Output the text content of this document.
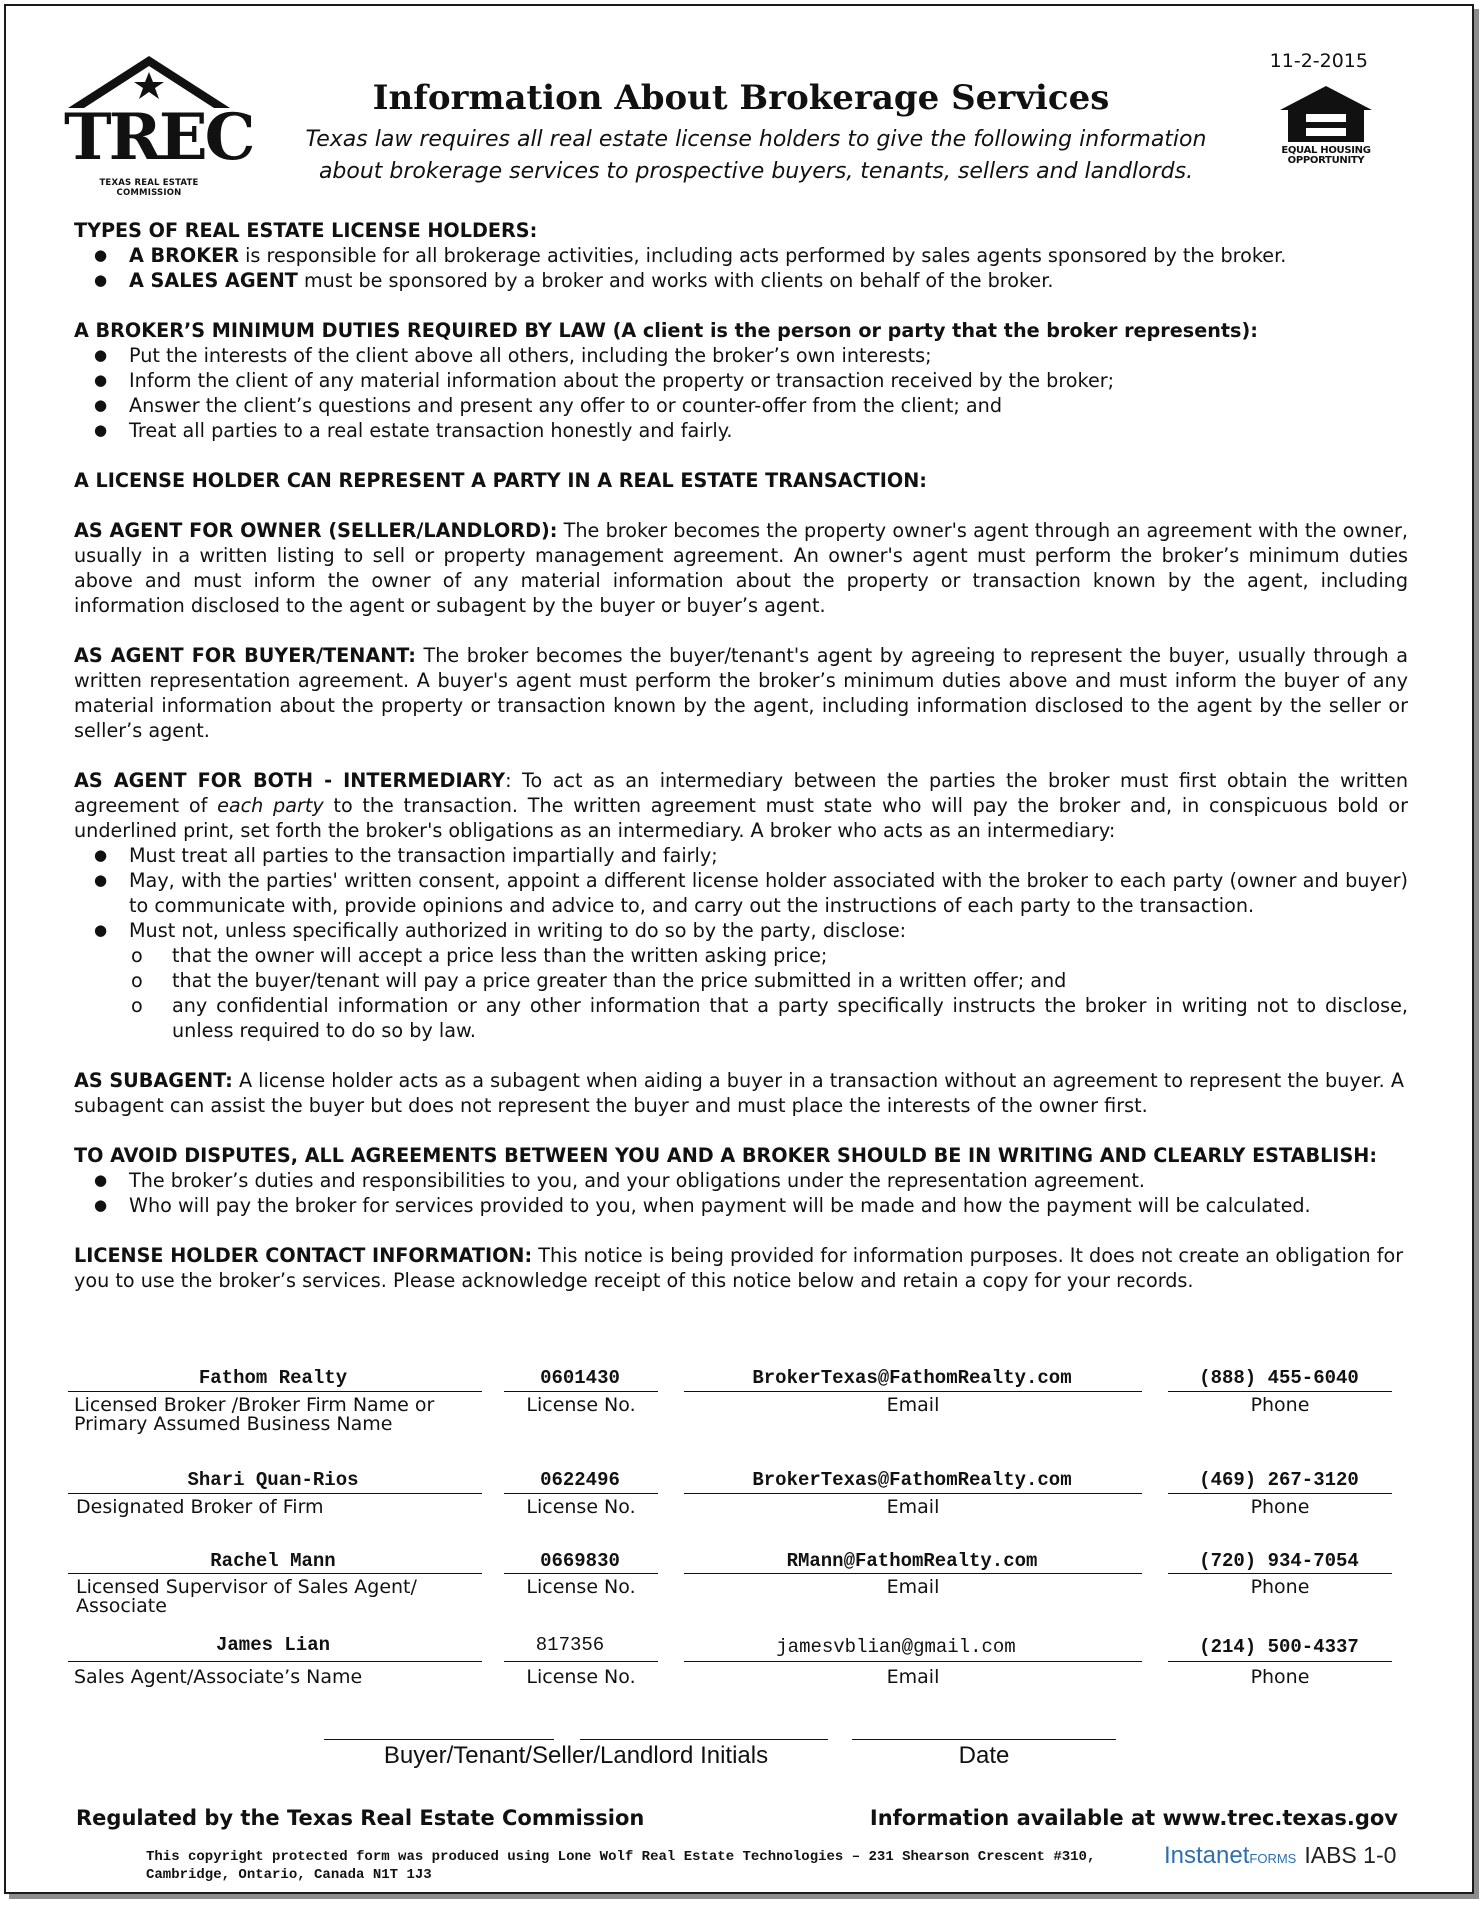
TREC
TEXAS REAL ESTATE COMMISSION
Information About Brokerage Services
Texas law requires all real estate license holders to give the following information about brokerage services to prospective buyers, tenants, sellers and landlords.
11-2-2015
EQUAL HOUSING
OPPORTUNITY

TYPES OF REAL ESTATE LICENSE HOLDERS:

● A BROKER is responsible for all brokerage activities, including acts performed by sales agents sponsored by the broker.
● A SALES AGENT must be sponsored by a broker and works with clients on behalf of the broker.

A BROKER’S MINIMUM DUTIES REQUIRED BY LAW (A client is the person or party that the broker represents):

● Put the interests of the client above all others, including the broker’s own interests;
● Inform the client of any material information about the property or transaction received by the broker;
● Answer the client’s questions and present any offer to or counter-offer from the client; and
● Treat all parties to a real estate transaction honestly and fairly.

A LICENSE HOLDER CAN REPRESENT A PARTY IN A REAL ESTATE TRANSACTION:

AS AGENT FOR OWNER (SELLER/LANDLORD): The broker becomes the property owner's agent through an agreement with the owner, usually in a written listing to sell or property management agreement. An owner's agent must perform the broker’s minimum duties above and must inform the owner of any material information about the property or transaction known by the agent, including information disclosed to the agent or subagent by the buyer or buyer’s agent.

AS AGENT FOR BUYER/TENANT: The broker becomes the buyer/tenant's agent by agreeing to represent the buyer, usually through a written representation agreement. A buyer's agent must perform the broker’s minimum duties above and must inform the buyer of any material information about the property or transaction known by the agent, including information disclosed to the agent by the seller or seller’s agent.

AS AGENT FOR BOTH - INTERMEDIARY: To act as an intermediary between the parties the broker must first obtain the written agreement of each party to the transaction. The written agreement must state who will pay the broker and, in conspicuous bold or underlined print, set forth the broker's obligations as an intermediary. A broker who acts as an intermediary:

● Must treat all parties to the transaction impartially and fairly;
● May, with the parties' written consent, appoint a different license holder associated with the broker to each party (owner and buyer) to communicate with, provide opinions and advice to, and carry out the instructions of each party to the transaction.
● Must not, unless specifically authorized in writing to do so by the party, disclose:
o that the owner will accept a price less than the written asking price;
o that the buyer/tenant will pay a price greater than the price submitted in a written offer; and
o any confidential information or any other information that a party specifically instructs the broker in writing not to disclose, unless required to do so by law.

AS SUBAGENT: A license holder acts as a subagent when aiding a buyer in a transaction without an agreement to represent the buyer. A subagent can assist the buyer but does not represent the buyer and must place the interests of the owner first.

TO AVOID DISPUTES, ALL AGREEMENTS BETWEEN YOU AND A BROKER SHOULD BE IN WRITING AND CLEARLY ESTABLISH:

● The broker’s duties and responsibilities to you, and your obligations under the representation agreement.
● Who will pay the broker for services provided to you, when payment will be made and how the payment will be calculated.

LICENSE HOLDER CONTACT INFORMATION: This notice is being provided for information purposes. It does not create an obligation for you to use the broker’s services. Please acknowledge receipt of this notice below and retain a copy for your records.

Fathom Realty
Licensed Broker /Broker Firm Name or Primary Assumed Business Name
0601430
License No.
BrokerTexas@FathomRealty.com
Email
(888) 455-6040
Phone
Shari Quan-Rios
Designated Broker of Firm
0622496
License No.
BrokerTexas@FathomRealty.com
Email
(469) 267-3120
Phone
Rachel Mann
Licensed Supervisor of Sales Agent/ Associate
0669830
License No.
RMann@FathomRealty.com
Email
(720) 934-7054
Phone
James Lian
Sales Agent/Associate’s Name
817356
License No.
jamesvblian@gmail.com
Email
(214) 500-4337
Phone
Buyer/Tenant/Seller/Landlord Initials	Date
Regulated by the Texas Real Estate Commission	Information available at www.trec.texas.gov
This copyright protected form was produced using Lone Wolf Real Estate Technologies – 231 Shearson Crescent #310, Cambridge, Ontario, Canada N1T 1J3
InstanetFORMS IABS 1-0
